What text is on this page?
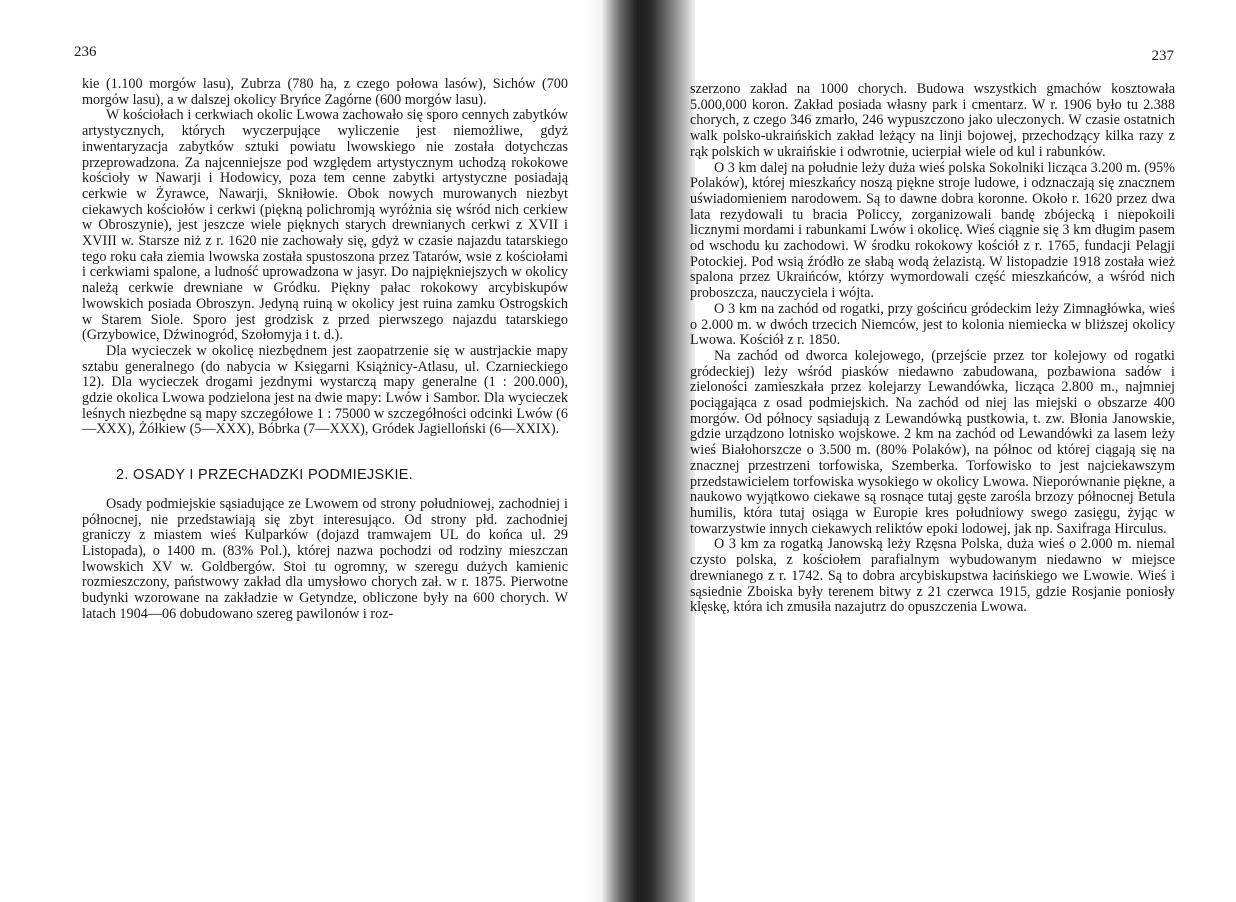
236

kie (1.100 morgów lasu), Zubrza (780 ha, z czego połowa lasów), Sichów (700 morgów lasu), a w dalszej okolicy Bryńce Zagórne (600 morgów lasu).

W kościołach i cerkwiach okolic Lwowa zachowało się sporo cennych zabytków artystycznych, których wyczerpujące wyliczenie jest niemożliwe, gdyż inwentaryzacja zabytków sztuki powiatu lwowskiego nie została dotychczas przeprowadzona. Za najcenniejsze pod względem artystycznym uchodzą rokokowe kościoły w Nawarji i Hodowicy, poza tem cenne zabytki artystyczne posiadają cerkwie w Żyrawce, Nawarji, Skniłowie. Obok nowych murowanych niezbyt ciekawych kościołów i cerkwi (piękną polichromją wyróżnia się wśród nich cerkiew w Obroszynie), jest jeszcze wiele pięknych starych drewnianych cerkwi z XVII i XVIII w. Starsze niż z r. 1620 nie zachowały się, gdyż w czasie najazdu tatarskiego tego roku cała ziemia lwowska została spustoszona przez Tatarów, wsie z kościołami i cerkwiami spalone, a ludność uprowadzona w jasyr. Do najpiękniejszych w okolicy należą cerkwie drewniane w Gródku. Piękny pałac rokokowy arcybiskupów lwowskich posiada Obroszyn. Jedyną ruiną w okolicy jest ruina zamku Ostrogskich w Starem Siole. Sporo jest grodzisk z przed pierwszego najazdu tatarskiego (Grzybowice, Dźwinogród, Szołomyja i t. d.).

Dla wycieczek w okolicę niezbędnem jest zaopatrzenie się w austrjackie mapy sztabu generalnego (do nabycia w Księgarni Książnicy-Atlasu, ul. Czarnieckiego 12). Dla wycieczek drogami jezdnymi wystarczą mapy generalne (1 : 200.000), gdzie okolica Lwowa podzielona jest na dwie mapy: Lwów i Sambor. Dla wycieczek leśnych niezbędne są mapy szczegółowe 1 : 75000 w szczegółności odcinki Lwów (6—XXX), Żółkiew (5—XXX), Bóbrka (7—XXX), Gródek Jagielloński (6—XXIX).

2. OSADY I PRZECHADZKI PODMIEJSKIE.

Osady podmiejskie sąsiadujące ze Lwowem od strony południowej, zachodniej i północnej, nie przedstawiają się zbyt interesująco. Od strony płd. zachodniej graniczy z miastem wieś Kulparków (dojazd tramwajem UL do końca ul. 29 Listopada), o 1400 m. (83% Pol.), której nazwa pochodzi od rodziny mieszczan lwowskich XV w. Goldbergów. Stoi tu ogromny, w szeregu dużych kamienic rozmieszczony, państwowy zakład dla umysłowo chorych zał. w r. 1875. Pierwotne budynki wzorowane na zakładzie w Getyndze, obliczone były na 600 chorych. W latach 1904—06 dobudowano szereg pawilonów i roz-

237

szerzono zakład na 1000 chorych. Budowa wszystkich gmachów kosztowała 5.000,000 koron. Zakład posiada własny park i cmentarz. W r. 1906 było tu 2.388 chorych, z czego 346 zmarło, 246 wypuszczono jako uleczonych. W czasie ostatnich walk polsko-ukraińskich zakład leżący na linji bojowej, przechodzący kilka razy z rąk polskich w ukraińskie i odwrotnie, ucierpiał wiele od kul i rabunków.

O 3 km dalej na południe leży duża wieś polska Sokolniki licząca 3.200 m. (95% Polaków), której mieszkańcy noszą piękne stroje ludowe, i odznaczają się znacznem uświadomieniem narodowem. Są to dawne dobra koronne. Około r. 1620 przez dwa lata rezydowali tu bracia Policcy, zorganizowali bandę zbójecką i niepokoili licznymi mordami i rabunkami Lwów i okolicę. Wieś ciągnie się 3 km długim pasem od wschodu ku zachodowi. W środku rokokowy kościół z r. 1765, fundacji Pelagji Potockiej. Pod wsią źródło ze słabą wodą żelazistą. W listopadzie 1918 została wież spalona przez Ukraińców, którzy wymordowali część mieszkańców, a wśród nich proboszcza, nauczyciela i wójta.

O 3 km na zachód od rogatki, przy gościńcu gródeckim leży Zimnagłówka, wieś o 2.000 m. w dwóch trzecich Niemców, jest to kolonia niemiecka w bliższej okolicy Lwowa. Kościół z r. 1850.

Na zachód od dworca kolejowego, (przejście przez tor kolejowy od rogatki gródeckiej) leży wśród piasków niedawno zabudowana, pozbawiona sadów i zieloności zamieszkała przez kolejarzy Lewandówka, licząca 2.800 m., najmniej pociągająca z osad podmiejskich. Na zachód od niej las miejski o obszarze 400 morgów. Od północy sąsiadują z Lewandówką pustkowia, t. zw. Błonia Janowskie, gdzie urządzono lotnisko wojskowe. 2 km na zachód od Lewandówki za lasem leży wieś Białohorszcze o 3.500 m. (80% Polaków), na północ od której ciągają się na znacznej przestrzeni torfowiska, Szemberka. Torfowisko to jest najciekawszym przedstawicielem torfowiska wysokiego w okolicy Lwowa. Nieporównanie piękne, a naukowo wyjątkowo ciekawe są rosnące tutaj gęste zarośla brzozy północnej Betula humilis, która tutaj osiąga w Europie kres południowy swego zasięgu, żyjąc w towarzystwie innych ciekawych reliktów epoki lodowej, jak np. Saxifraga Hirculus.

O 3 km za rogatką Janowską leży Rzęsna Polska, duża wieś o 2.000 m. niemal czysto polska, z kościołem parafialnym wybudowanym niedawno w miejsce drewnianego z r. 1742. Są to dobra arcybiskupstwa łacińskiego we Lwowie. Wieś i sąsiednie Zboiska były terenem bitwy z 21 czerwca 1915, gdzie Rosjanie poniosły klęskę, która ich zmusiła nazajutrz do opuszczenia Lwowa.
